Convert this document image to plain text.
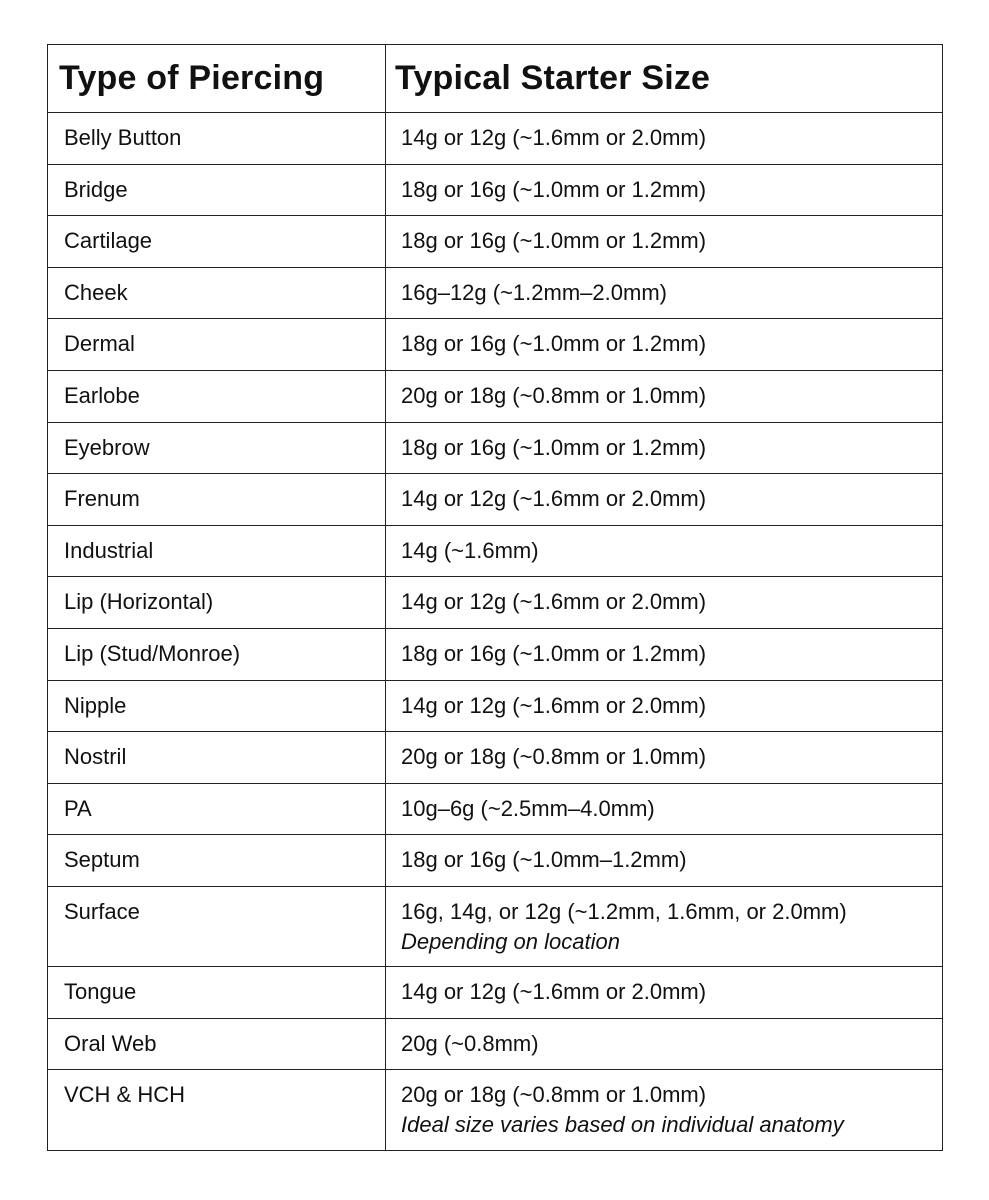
Type of Piercing	Typical Starter Size
Belly Button	14g or 12g (~1.6mm or 2.0mm)
Bridge	18g or 16g (~1.0mm or 1.2mm)
Cartilage	18g or 16g (~1.0mm or 1.2mm)
Cheek	16g–12g (~1.2mm–2.0mm)
Dermal	18g or 16g (~1.0mm or 1.2mm)
Earlobe	20g or 18g (~0.8mm or 1.0mm)
Eyebrow	18g or 16g (~1.0mm or 1.2mm)
Frenum	14g or 12g (~1.6mm or 2.0mm)
Industrial	14g (~1.6mm)
Lip (Horizontal)	14g or 12g (~1.6mm or 2.0mm)
Lip (Stud/Monroe)	18g or 16g (~1.0mm or 1.2mm)
Nipple	14g or 12g (~1.6mm or 2.0mm)
Nostril	20g or 18g (~0.8mm or 1.0mm)
PA	10g–6g (~2.5mm–4.0mm)
Septum	18g or 16g (~1.0mm–1.2mm)
Surface	16g, 14g, or 12g (~1.2mm, 1.6mm, or 2.0mm)
Depending on location
Tongue	14g or 12g (~1.6mm or 2.0mm)
Oral Web	20g (~0.8mm)
VCH & HCH	20g or 18g (~0.8mm or 1.0mm)
Ideal size varies based on individual anatomy
